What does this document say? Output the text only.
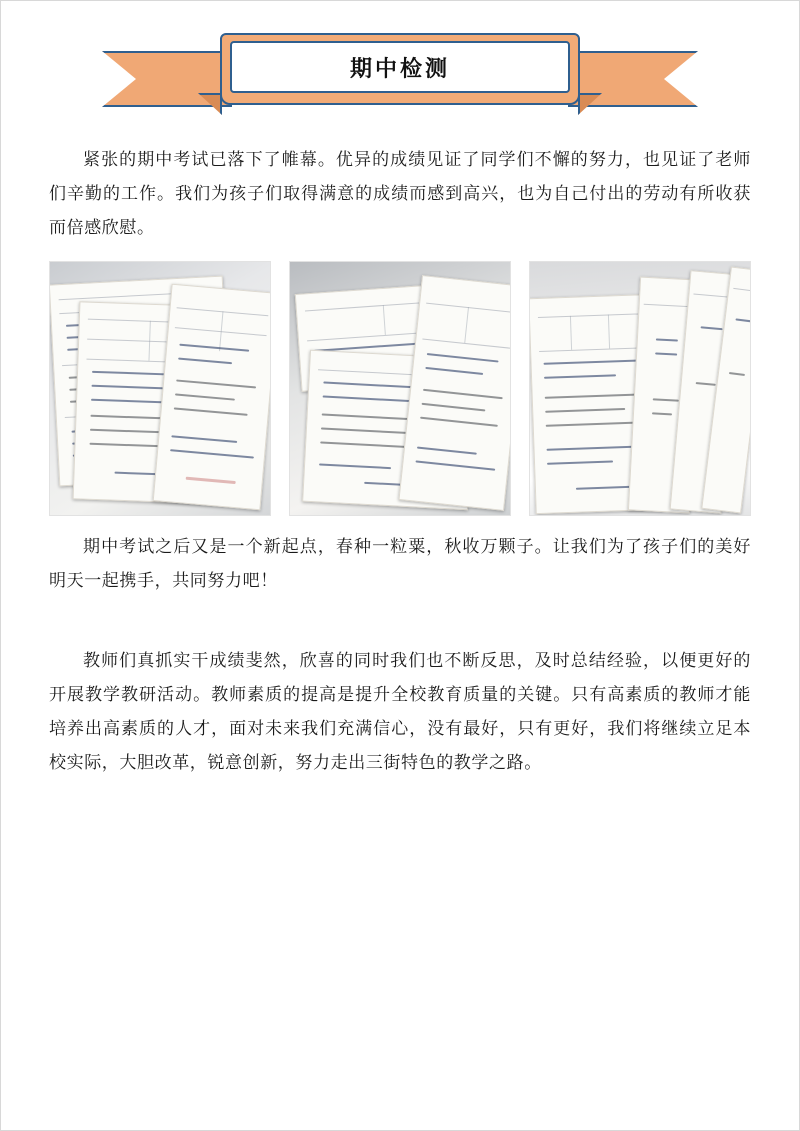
期中检测

紧张的期中考试已落下了帷幕。优异的成绩见证了同学们不懈的努力，也见证了老师们辛勤的工作。我们为孩子们取得满意的成绩而感到高兴，也为自己付出的劳动有所收获而倍感欣慰。

期中考试之后又是一个新起点，春种一粒粟，秋收万颗子。让我们为了孩子们的美好明天一起携手，共同努力吧！

教师们真抓实干成绩斐然，欣喜的同时我们也不断反思，及时总结经验，以便更好的开展教学教研活动。教师素质的提高是提升全校教育质量的关键。只有高素质的教师才能培养出高素质的人才，面对未来我们充满信心，没有最好，只有更好，我们将继续立足本校实际，大胆改革，锐意创新，努力走出三街特色的教学之路。
